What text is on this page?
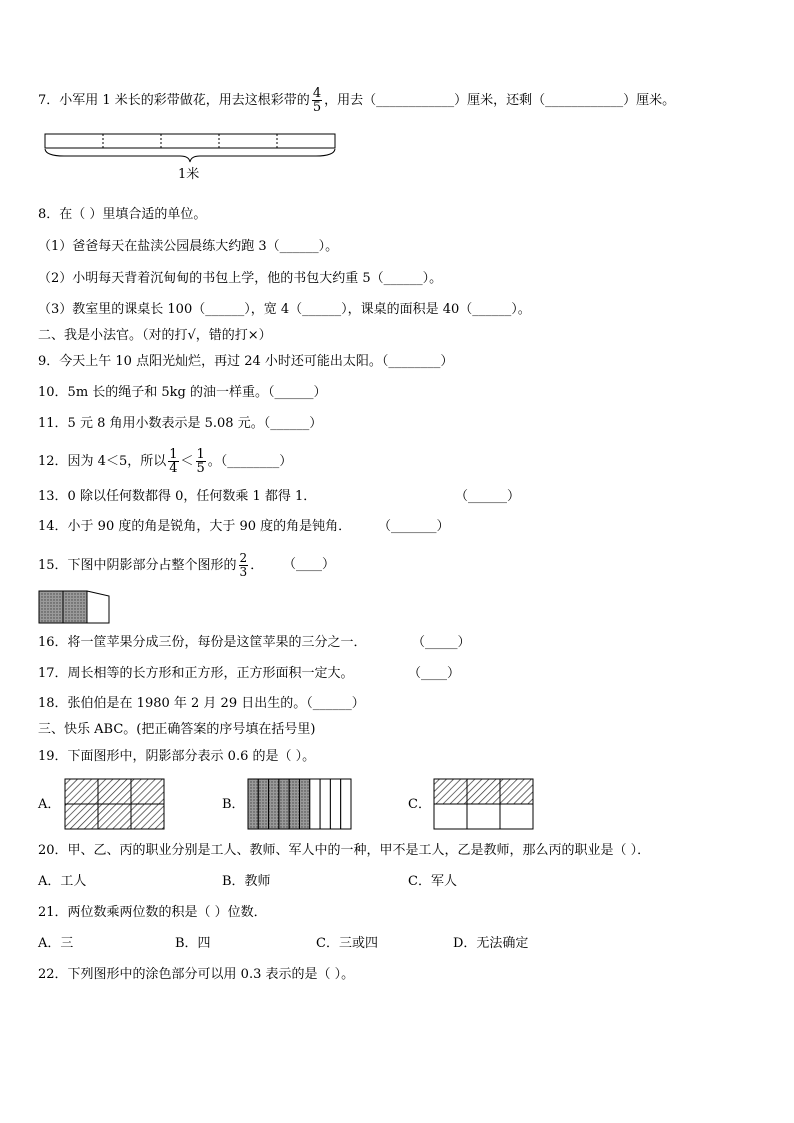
7．小军用 1 米长的彩带做花，用去这根彩带的 $\frac{4}{5}$ ，用去（____________）厘米，还剩（____________）厘米。
1米
8．在（ ）里填合适的单位。
（1）爸爸每天在盐渎公园晨练大约跑 3（______）。
（2）小明每天背着沉甸甸的书包上学，他的书包大约重 5（______）。
（3）教室里的课桌长 100（______），宽 4（______），课桌的面积是 40（______）。
二、我是小法官。（对的打√，错的打×）
9．今天上午 10 点阳光灿烂，再过 24 小时还可能出太阳。（________）
10．5m 长的绳子和 5kg 的油一样重。（______）
11．5 元 8 角用小数表示是 5.08 元。（______）
12．因为 4＜5，所以 $\frac{1}{4} < \frac{1}{5}$ 。（________）
13．0 除以任何数都得 0，任何数乘 1 都得 1．	（______）
14．小于 90 度的角是锐角，大于 90 度的角是钝角． （_______）
15．下图中阴影部分占整个图形的 $\frac{2}{3}$ ． （____）
16．将一筐苹果分成三份，每份是这筐苹果的三分之一．	（_____）
17．周长相等的长方形和正方形，正方形面积一定大。	（____）
18．张伯伯是在 1980 年 2 月 29 日出生的。（______）
三、快乐 ABC。(把正确答案的序号填在括号里)
19．下面图形中，阴影部分表示 0.6 的是（ ）。
A．	B．	C．
20．甲、乙、丙的职业分别是工人、教师、军人中的一种，甲不是工人，乙是教师，那么丙的职业是（ ）．
A．工人	B．教师	C．军人
21．两位数乘两位数的积是（ ）位数．
A．三	B．四	C．三或四	D．无法确定
22．下列图形中的涂色部分可以用 0.3 表示的是（ ）。
